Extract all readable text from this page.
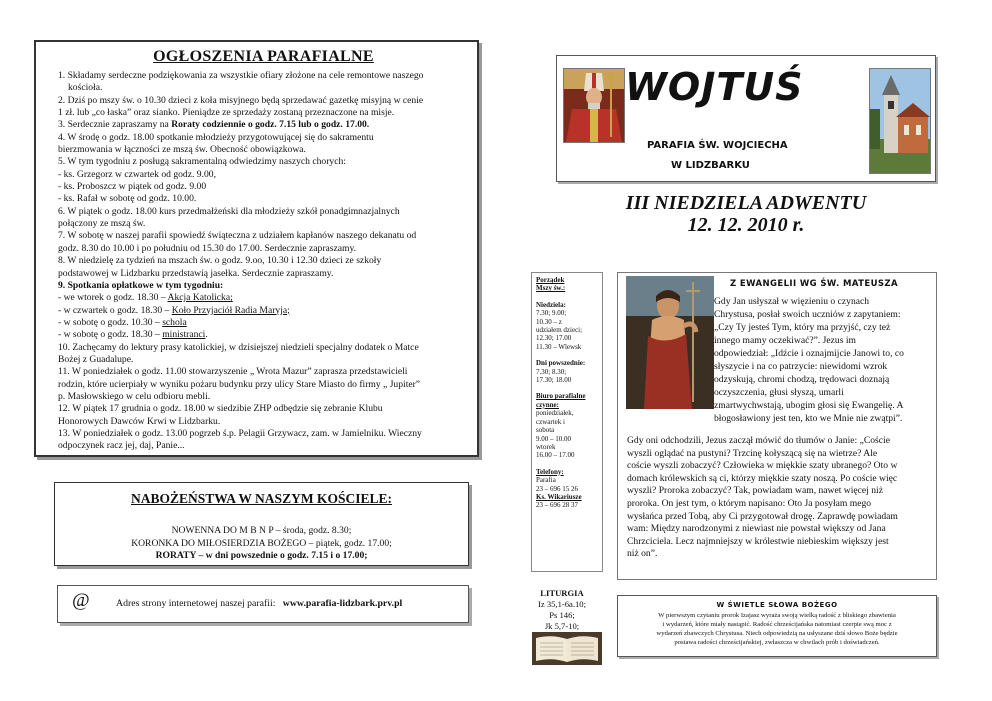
OGŁOSZENIA PARAFIALNE
1. Składamy serdeczne podziękowania za wszystkie ofiary złożone na cele remontowe naszego
kościoła.
2. Dziś po mszy św. o 10.30 dzieci z koła misyjnego będą sprzedawać gazetkę misyjną w cenie
1 zł. lub „co łaska” oraz sianko. Pieniądze ze sprzedaży zostaną przeznaczone na misje.
3. Serdecznie zapraszamy na Roraty codziennie o godz. 7.15 lub o godz. 17.00.
4. W środę o godz. 18.00 spotkanie młodzieży przygotowującej się do sakramentu
bierzmowania w łączności ze mszą św. Obecność obowiązkowa.
5. W tym tygodniu z posługą sakramentalną odwiedzimy naszych chorych:
- ks. Grzegorz w czwartek od godz. 9.00,
- ks. Proboszcz w piątek od godz. 9.00
- ks. Rafał w sobotę od godz. 10.00.
6. W piątek o godz. 18.00 kurs przedmałżeński dla młodzieży szkół ponadgimnazjalnych
połączony ze mszą św.
7. W sobotę w naszej parafii spowiedź świąteczna z udziałem kapłanów naszego dekanatu od
godz. 8.30 do 10.00 i po południu od 15.30 do 17.00. Serdecznie zapraszamy.
8. W niedzielę za tydzień na mszach św. o godz. 9.oo, 10.30 i 12.30 dzieci ze szkoły
podstawowej w Lidzbarku przedstawią jasełka. Serdecznie zapraszamy.
9. Spotkania opłatkowe w tym tygodniu:
- we wtorek o godz. 18.30 – Akcja Katolicka;
- w czwartek o godz. 18.30 – Koło Przyjaciół Radia Maryja;
- w sobotę o godz. 10.30 – schola
- w sobotę o godz. 18.30 – ministranci.
10. Zachęcamy do lektury prasy katolickiej, w dzisiejszej niedzieli specjalny dodatek o Matce
Bożej z Guadalupe.
11. W poniedziałek o godz. 11.00 stowarzyszenie „ Wrota Mazur” zaprasza przedstawicieli
rodzin, które ucierpiały w wyniku pożaru budynku przy ulicy Stare Miasto do firmy „ Jupiter”
p. Masłowskiego w celu odbioru mebli.
12. W piątek 17 grudnia o godz. 18.00 w siedzibie ZHP odbędzie się zebranie Klubu
Honorowych Dawców Krwi w Lidzbarku.
13. W poniedziałek o godz. 13.00 pogrzeb ś.p. Pelagii Grzywacz, zam. w Jamielniku. Wieczny
odpoczynek racz jej, daj, Panie...
NABOŻEŃSTWA W NASZYM KOŚCIELE:
NOWENNA DO M B N P – środa, godz. 8.30;
KORONKA DO MIŁOSIERDZIA BOŻEGO – piątek, godz. 17.00;
RORATY – w dni powszednie o godz. 7.15 i o 17.00;
@	Adres strony internetowej naszej parafii: www.parafia-lidzbark.prv.pl
WOJTUŚ
PARAFIA ŚW. WOJCIECHA
W LIDZBARKU
III NIEDZIELA ADWENTU
12. 12. 2010 r.
Porządek
Mszy św.:
Niedziela:
7.30; 9.00;
10.30 – z
udziałem dzieci;
12.30; 17.00
11.30 – Wlewsk
Dni powszednie:
7.30; 8.30;
17.30; 18.00
Biuro parafialne
czynne:
poniedziałek,
czwartek i
sobota
9.00 – 10.00
wtorek
16.00 – 17.00
Telefony:
Parafia
23 – 696 15 26
Ks. Wikariusze
23 – 696 28 37
Z EWANGELII WG ŚW. MATEUSZA
Gdy Jan usłyszał w więzieniu o czynach
Chrystusa, posłał swoich uczniów z zapytaniem:
„Czy Ty jesteś Tym, który ma przyjść, czy też
innego mamy oczekiwać?”. Jezus im
odpowiedział: „Idźcie i oznajmijcie Janowi to, co
słyszycie i na co patrzycie: niewidomi wzrok
odzyskują, chromi chodzą, trędowaci doznają
oczyszczenia, głusi słyszą, umarli
zmartwychwstają, ubogim głosi się Ewangelię. A
błogosławiony jest ten, kto we Mnie nie zwątpi”.
Gdy oni odchodzili, Jezus zaczął mówić do tłumów o Janie: „Coście
wyszli oglądać na pustyni? Trzcinę kołyszącą się na wietrze? Ale
coście wyszli zobaczyć? Człowieka w miękkie szaty ubranego? Oto w
domach królewskich są ci, którzy miękkie szaty noszą. Po coście więc
wyszli? Proroka zobaczyć? Tak, powiadam wam, nawet więcej niż
proroka. On jest tym, o którym napisano: Oto Ja posyłam mego
wysłańca przed Tobą, aby Ci przygotował drogę. Zaprawdę powiadam
wam: Między narodzonymi z niewiast nie powstał większy od Jana
Chrzciciela. Lecz najmniejszy w królestwie niebieskim większy jest
niż on”.
LITURGIA
Iz 35,1-6a.10;
Ps 146;
Jk 5,7-10;
W ŚWIETLE SŁOWA BOŻEGO
W pierwszym czytaniu prorok Izajasz wyraża swoją wielką radość z bliskiego zbawienia
i wydarzeń, które miały nastąpić. Radość chrześcijańska natomiast czerpie swą moc z
wydarzeń zbawczych Chrystusa. Niech odpowiedzią na usłyszane dziś słowo Boże będzie
postawa radości chrześcijańskiej, zwłaszcza w chwilach prób i doświadczeń.
